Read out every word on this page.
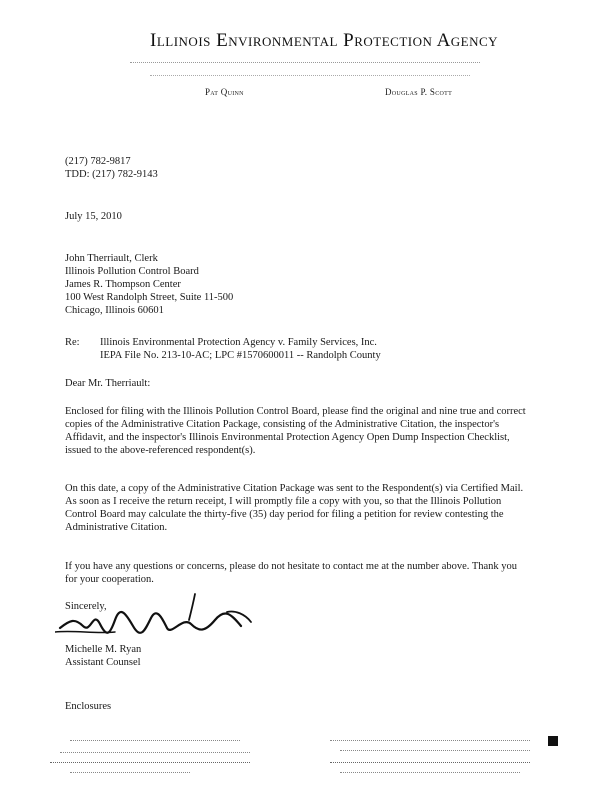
Illinois Environmental Protection Agency
Pat Quinn	Douglas P. Scott
(217) 782-9817
TDD: (217) 782-9143
July 15, 2010
John Therriault, Clerk
Illinois Pollution Control Board
James R. Thompson Center
100 West Randolph Street, Suite 11-500
Chicago, Illinois 60601
Re: Illinois Environmental Protection Agency v. Family Services, Inc.
IEPA File No. 213-10-AC; LPC #1570600011 -- Randolph County
Dear Mr. Therriault:
Enclosed for filing with the Illinois Pollution Control Board, please find the original and nine true and correct copies of the Administrative Citation Package, consisting of the Administrative Citation, the inspector's Affidavit, and the inspector's Illinois Environmental Protection Agency Open Dump Inspection Checklist, issued to the above-referenced respondent(s).
On this date, a copy of the Administrative Citation Package was sent to the Respondent(s) via Certified Mail. As soon as I receive the return receipt, I will promptly file a copy with you, so that the Illinois Pollution Control Board may calculate the thirty-five (35) day period for filing a petition for review contesting the Administrative Citation.
If you have any questions or concerns, please do not hesitate to contact me at the number above. Thank you for your cooperation.
Sincerely,
Michelle M. Ryan
Assistant Counsel
Enclosures
